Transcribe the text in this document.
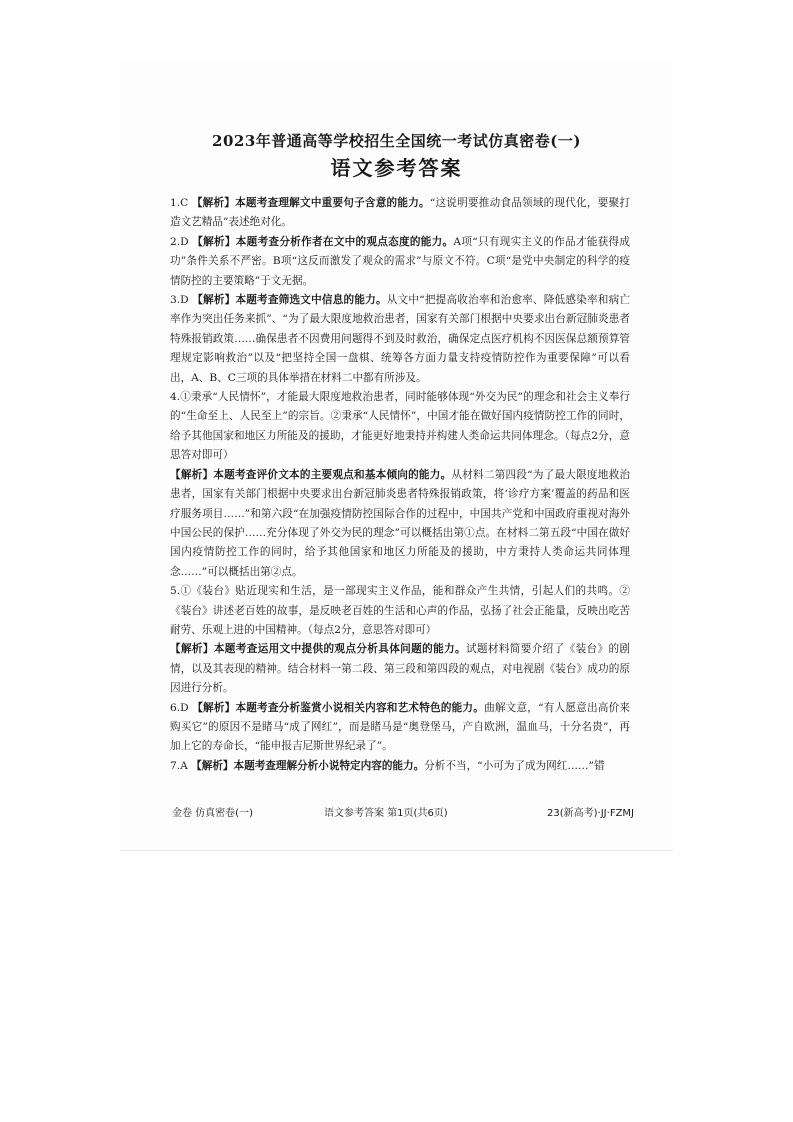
2023年普通高等学校招生全国统一考试仿真密卷(一)
语文参考答案

1.C 【解析】本题考查理解文中重要句子含意的能力。“这说明要推动食品领域的现代化，要聚打造文艺精品”表述绝对化。

2.D 【解析】本题考查分析作者在文中的观点态度的能力。A项“只有现实主义的作品才能获得成功”条件关系不严密。B项“这反而激发了观众的需求”与原文不符。C项“是党中央制定的科学的疫情防控的主要策略”于文无据。

3.D 【解析】本题考查筛选文中信息的能力。从文中“把提高收治率和治愈率、降低感染率和病亡率作为突出任务来抓”、“为了最大限度地救治患者，国家有关部门根据中央要求出台新冠肺炎患者特殊报销政策……确保患者不因费用问题得不到及时救治，确保定点医疗机构不因医保总额预算管理规定影响救治”以及“把坚持全国一盘棋、统筹各方面力量支持疫情防控作为重要保障”可以看出，A、B、C三项的具体举措在材料二中都有所涉及。

4.①秉承“人民情怀”，才能最大限度地救治患者，同时能够体现“外交为民”的理念和社会主义奉行的“生命至上、人民至上”的宗旨。②秉承“人民情怀”，中国才能在做好国内疫情防控工作的同时，给予其他国家和地区力所能及的援助，才能更好地秉持并构建人类命运共同体理念。（每点2分，意思答对即可）

【解析】本题考查评价文本的主要观点和基本倾向的能力。从材料二第四段“为了最大限度地救治患者，国家有关部门根据中央要求出台新冠肺炎患者特殊报销政策，将‘诊疗方案’覆盖的药品和医疗服务项目……”和第六段“在加强疫情防控国际合作的过程中，中国共产党和中国政府重视对海外中国公民的保护……充分体现了外交为民的理念”可以概括出第①点。在材料二第五段“中国在做好国内疫情防控工作的同时，给予其他国家和地区力所能及的援助，中方秉持人类命运共同体理念……”可以概括出第②点。

5.①《装台》贴近现实和生活，是一部现实主义作品，能和群众产生共情，引起人们的共鸣。②《装台》讲述老百姓的故事，是反映老百姓的生活和心声的作品，弘扬了社会正能量，反映出吃苦耐劳、乐观上进的中国精神。（每点2分，意思答对即可）

【解析】本题考查运用文中提供的观点分析具体问题的能力。试题材料简要介绍了《装台》的剧情，以及其表现的精神。结合材料一第二段、第三段和第四段的观点，对电视剧《装台》成功的原因进行分析。

6.D 【解析】本题考查分析鉴赏小说相关内容和艺术特色的能力。曲解文意，“有人愿意出高价来购买它”的原因不是睹马“成了网红”，而是睹马是“奥登堡马，产自欧洲，温血马，十分名贵”，再加上它的寿命长，“能申报吉尼斯世界纪录了”。

7.A 【解析】本题考查理解分析小说特定内容的能力。分析不当，“小可为了成为网红……”错

金卷 仿真密卷(一)	语文参考答案 第1页(共6页)	23(新高考)·JJ·FZMJ
